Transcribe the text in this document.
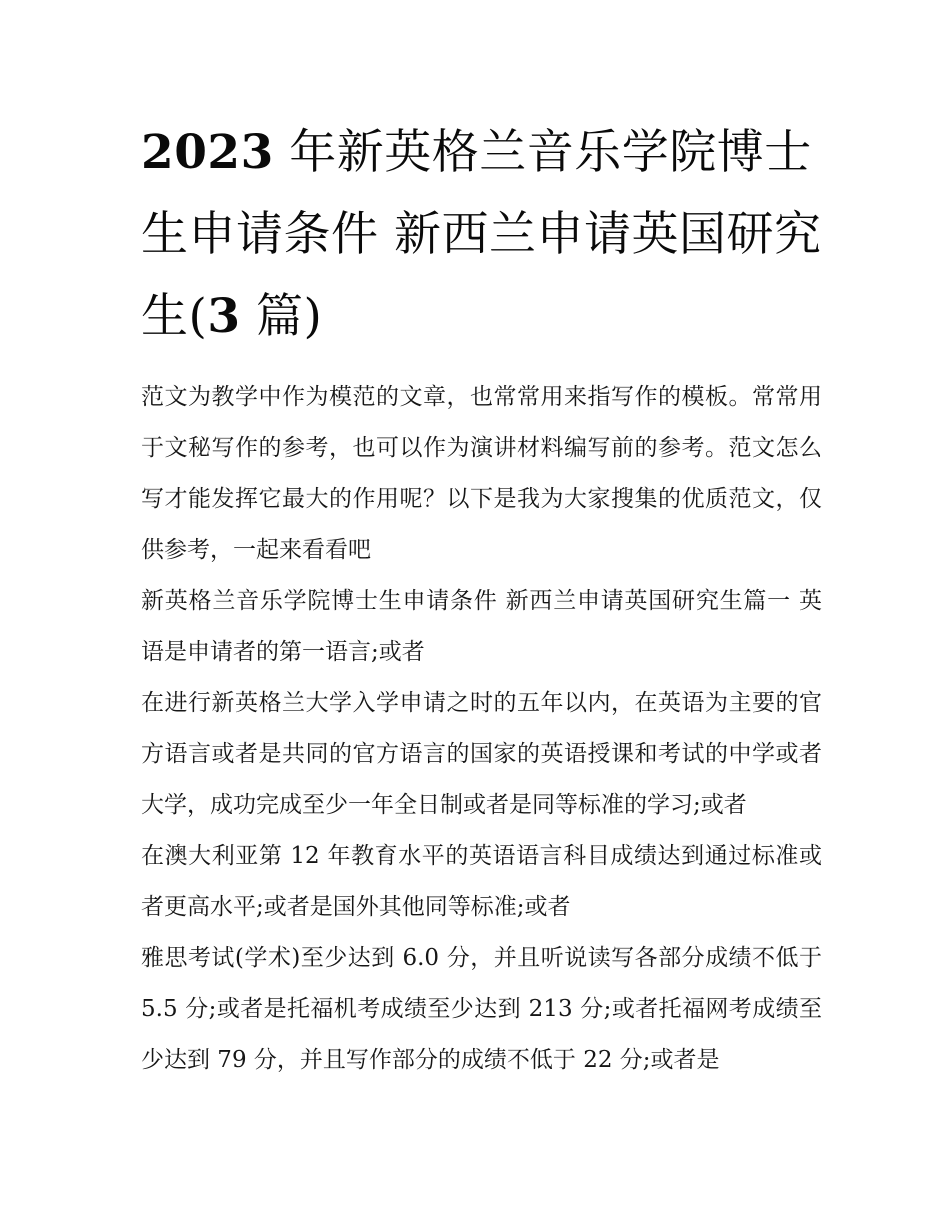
2023 年新英格兰音乐学院博士生申请条件 新西兰申请英国研究生(3 篇)

范文为教学中作为模范的文章，也常常用来指写作的模板。常常用于文秘写作的参考，也可以作为演讲材料编写前的参考。范文怎么写才能发挥它最大的作用呢？以下是我为大家搜集的优质范文，仅供参考，一起来看看吧

新英格兰音乐学院博士生申请条件 新西兰申请英国研究生篇一 英语是申请者的第一语言;或者

在进行新英格兰大学入学申请之时的五年以内，在英语为主要的官方语言或者是共同的官方语言的国家的英语授课和考试的中学或者大学，成功完成至少一年全日制或者是同等标准的学习;或者

在澳大利亚第 12 年教育水平的英语语言科目成绩达到通过标准或者更高水平;或者是国外其他同等标准;或者

雅思考试(学术)至少达到 6.0 分，并且听说读写各部分成绩不低于 5.5 分;或者是托福机考成绩至少达到 213 分;或者托福网考成绩至少达到 79 分，并且写作部分的成绩不低于 22 分;或者是
